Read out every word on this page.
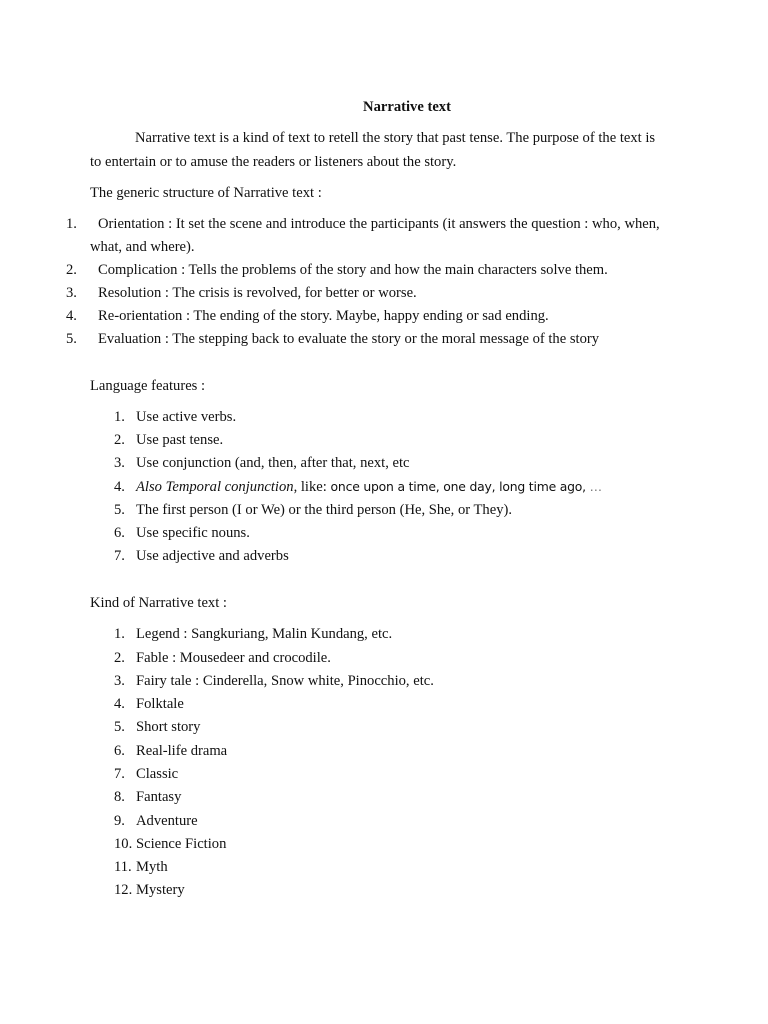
Narrative text
Narrative text is a kind of text to retell the story that past tense. The purpose of the text is
to entertain or to amuse the readers or listeners about the story.
The generic structure of Narrative text :
1. Orientation : It set the scene and introduce the participants (it answers the question : who, when,
what, and where).
2. Complication : Tells the problems of the story and how the main characters solve them.
3. Resolution : The crisis is revolved, for better or worse.
4. Re-orientation : The ending of the story. Maybe, happy ending or sad ending.
5. Evaluation : The stepping back to evaluate the story or the moral message of the story
Language features :
1. Use active verbs.
2. Use past tense.
3. Use conjunction (and, then, after that, next, etc
4. Also Temporal conjunction, like: once upon a time, one day, long time ago, …
5. The first person (I or We) or the third person (He, She, or They).
6. Use specific nouns.
7. Use adjective and adverbs
Kind of Narrative text :
1. Legend : Sangkuriang, Malin Kundang, etc.
2. Fable : Mousedeer and crocodile.
3. Fairy tale : Cinderella, Snow white, Pinocchio, etc.
4. Folktale
5. Short story
6. Real-life drama
7. Classic
8. Fantasy
9. Adventure
10. Science Fiction
11. Myth
12. Mystery
